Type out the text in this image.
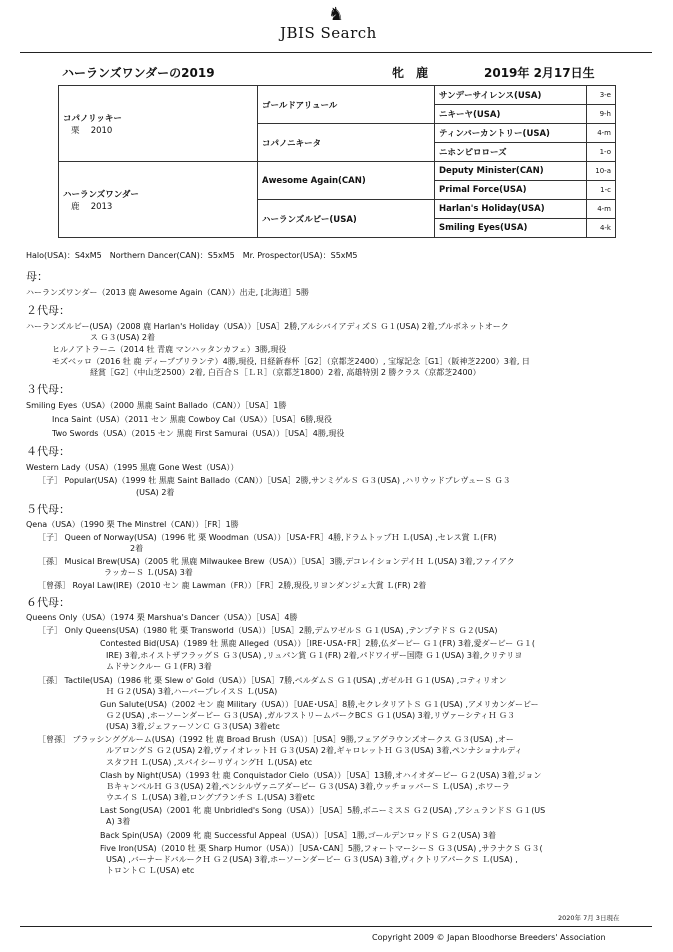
♞
JBIS Search
ハーランズワンダーの2019	牝　鹿	2019年 2月17日生
コパノリッキー
栗　 2010	ゴールドアリュール	サンデーサイレンス(USA)	3-e
		ニキーヤ(USA)	9-h
	コパノニキータ	ティンバーカントリー(USA)	4-m
		ニホンピロローズ	1-o

ハーランズワンダー
鹿　 2013	Awesome Again(CAN)	Deputy Minister(CAN)	10-a
		Primal Force(USA)	1-c
	ハーランズルビー(USA)	Harlan's Holiday(USA)	4-m
		Smiling Eyes(USA)	4-k
Halo(USA)：S4xM5　Northern Dancer(CAN)：S5xM5　Mr. Prospector(USA)：S5xM5
母：
ハーランズワンダー（2013 鹿 Awesome Again（CAN））出走, [北海道］5勝
２代母：
ハーランズルビー(USA)（2008 鹿 Harlan's Holiday（USA））［USA］2勝,アルシバイアディズＳ Ｇ１(USA) 2着,ブルボネットオーク
ス Ｇ３(USA) 2着
ヒルノアトラーニ（2014 牡 青鹿 マンハッタンカフェ）3勝,現役
モズベッロ（2016 牡 鹿 ディープブリランテ）4勝,現役, 日経新春杯［G2］（京都芝2400）, 宝塚記念［G1］（阪神芝2200）3着, 日
経賞［G2］（中山芝2500）2着, 白百合Ｓ［ＬＲ］（京都芝1800）2着, 高雄特別 2 勝クラス（京都芝2400）
３代母：
Smiling Eyes（USA）（2000 黒鹿 Saint Ballado（CAN））［USA］1勝
Inca Saint（USA）（2011 セン 黒鹿 Cowboy Cal（USA））［USA］6勝,現役
Two Swords（USA）（2015 セン 黒鹿 First Samurai（USA））［USA］4勝,現役
４代母：
Western Lady（USA）（1995 黒鹿 Gone West（USA））
［子］ Popular(USA)（1999 牡 黒鹿 Saint Ballado（CAN））［USA］2勝,サンミゲルＳ Ｇ３(USA) ,ハリウッドブレヴューＳ Ｇ３
(USA) 2着
５代母：
Qena（USA）（1990 栗 The Minstrel（CAN））［FR］1勝
［子］ Queen of Norway(USA)（1996 牝 栗 Woodman（USA））［USA･FR］4勝,ドラムトップＨ Ｌ(USA) ,セレス賞 Ｌ(FR)
2着
［孫］ Musical Brew(USA)（2005 牝 黒鹿 Milwaukee Brew（USA））［USA］3勝,デコレイションデイＨ Ｌ(USA) 3着,ファイアク
ラッカーＳ Ｌ(USA) 3着
［曾孫］ Royal Law(IRE)（2010 セン 鹿 Lawman（FR））［FR］2勝,現役,リヨンダンジェ大賞 Ｌ(FR) 2着
６代母：
Queens Only（USA）（1974 栗 Marshua's Dancer（USA））［USA］4勝
［子］ Only Queens(USA)（1980 牝 栗 Transworld（USA））［USA］2勝,デムワゼルＳ Ｇ１(USA) ,テンプテドＳ Ｇ２(USA)
Contested Bid(USA)（1989 牡 黒鹿 Alleged（USA））［IRE･USA･FR］2勝,仏ダービー Ｇ１(FR) 3着,愛ダービー Ｇ１(
IRE) 3着,ホイストザフラッグＳ Ｇ３(USA) ,リュパン賞 Ｇ１(FR) 2着,パドワイザー国際 Ｇ１(USA) 3着,クリテリヨ
ムドサンクルー Ｇ１(FR) 3着
［孫］ Tactile(USA)（1986 牝 栗 Slew o' Gold（USA））［USA］7勝,ベルダムＳ Ｇ１(USA) ,ガゼルＨ Ｇ１(USA) ,コティリオン
Ｈ Ｇ２(USA) 3着,ハーバープレイスＳ Ｌ(USA)
Gun Salute(USA)（2002 セン 鹿 Military（USA））［UAE･USA］8勝,セクレタリアトＳ Ｇ１(USA) ,アメリカンダービー
Ｇ２(USA) ,ホーソーンダービー Ｇ３(USA) ,ガルフストリームパークBCＳ Ｇ１(USA) 3着,リヴァーシティＨ Ｇ３
(USA) 3着,ジェファーソンＣ Ｇ３(USA) 3着etc
［曾孫］ ブラッシンググルーム(USA)（1992 牡 鹿 Broad Brush（USA））［USA］9勝,フェアグラウンズオークス Ｇ３(USA) ,オー
ルアロングＳ Ｇ２(USA) 2着,ヴァイオレットＨ Ｇ３(USA) 2着,ギャロレットＨ Ｇ３(USA) 3着,ペンナショナルディ
スタフＨ Ｌ(USA) ,スパイシーリヴィングＨ Ｌ(USA) etc
Clash by Night(USA)（1993 牡 鹿 Conquistador Cielo（USA））［USA］13勝,オハイオダービー Ｇ２(USA) 3着,ジョン
ＢキャンベルＨ Ｇ３(USA) 2着,ペンシルヴァニアダービー Ｇ３(USA) 3着,ウッチョッパーＳ Ｌ(USA) ,ホワーラ
ウエイＳ Ｌ(USA) 3着,ロングブランチＳ Ｌ(USA) 3着etc
Last Song(USA)（2001 牝 鹿 Unbridled's Song（USA））［USA］5勝,ボニーミスＳ Ｇ２(USA) ,アシュランドＳ Ｇ１(US
A) 3着
Back Spin(USA)（2009 牝 鹿 Successful Appeal（USA））［USA］1勝,ゴールデンロッドＳ Ｇ２(USA) 3着
Five Iron(USA)（2010 牡 栗 Sharp Humor（USA））［USA･CAN］5勝,フォートマーシーＳ Ｇ３(USA) ,サラナクＳ Ｇ３(
USA) ,バーナードバルークＨ Ｇ２(USA) 3着,ホーソーンダービー Ｇ３(USA) 3着,ヴィクトリアパークＳ Ｌ(USA) ,
トロントＣ Ｌ(USA) etc
2020年 7月 3日現在
Copyright 2009 © Japan Bloodhorse Breeders' Association
